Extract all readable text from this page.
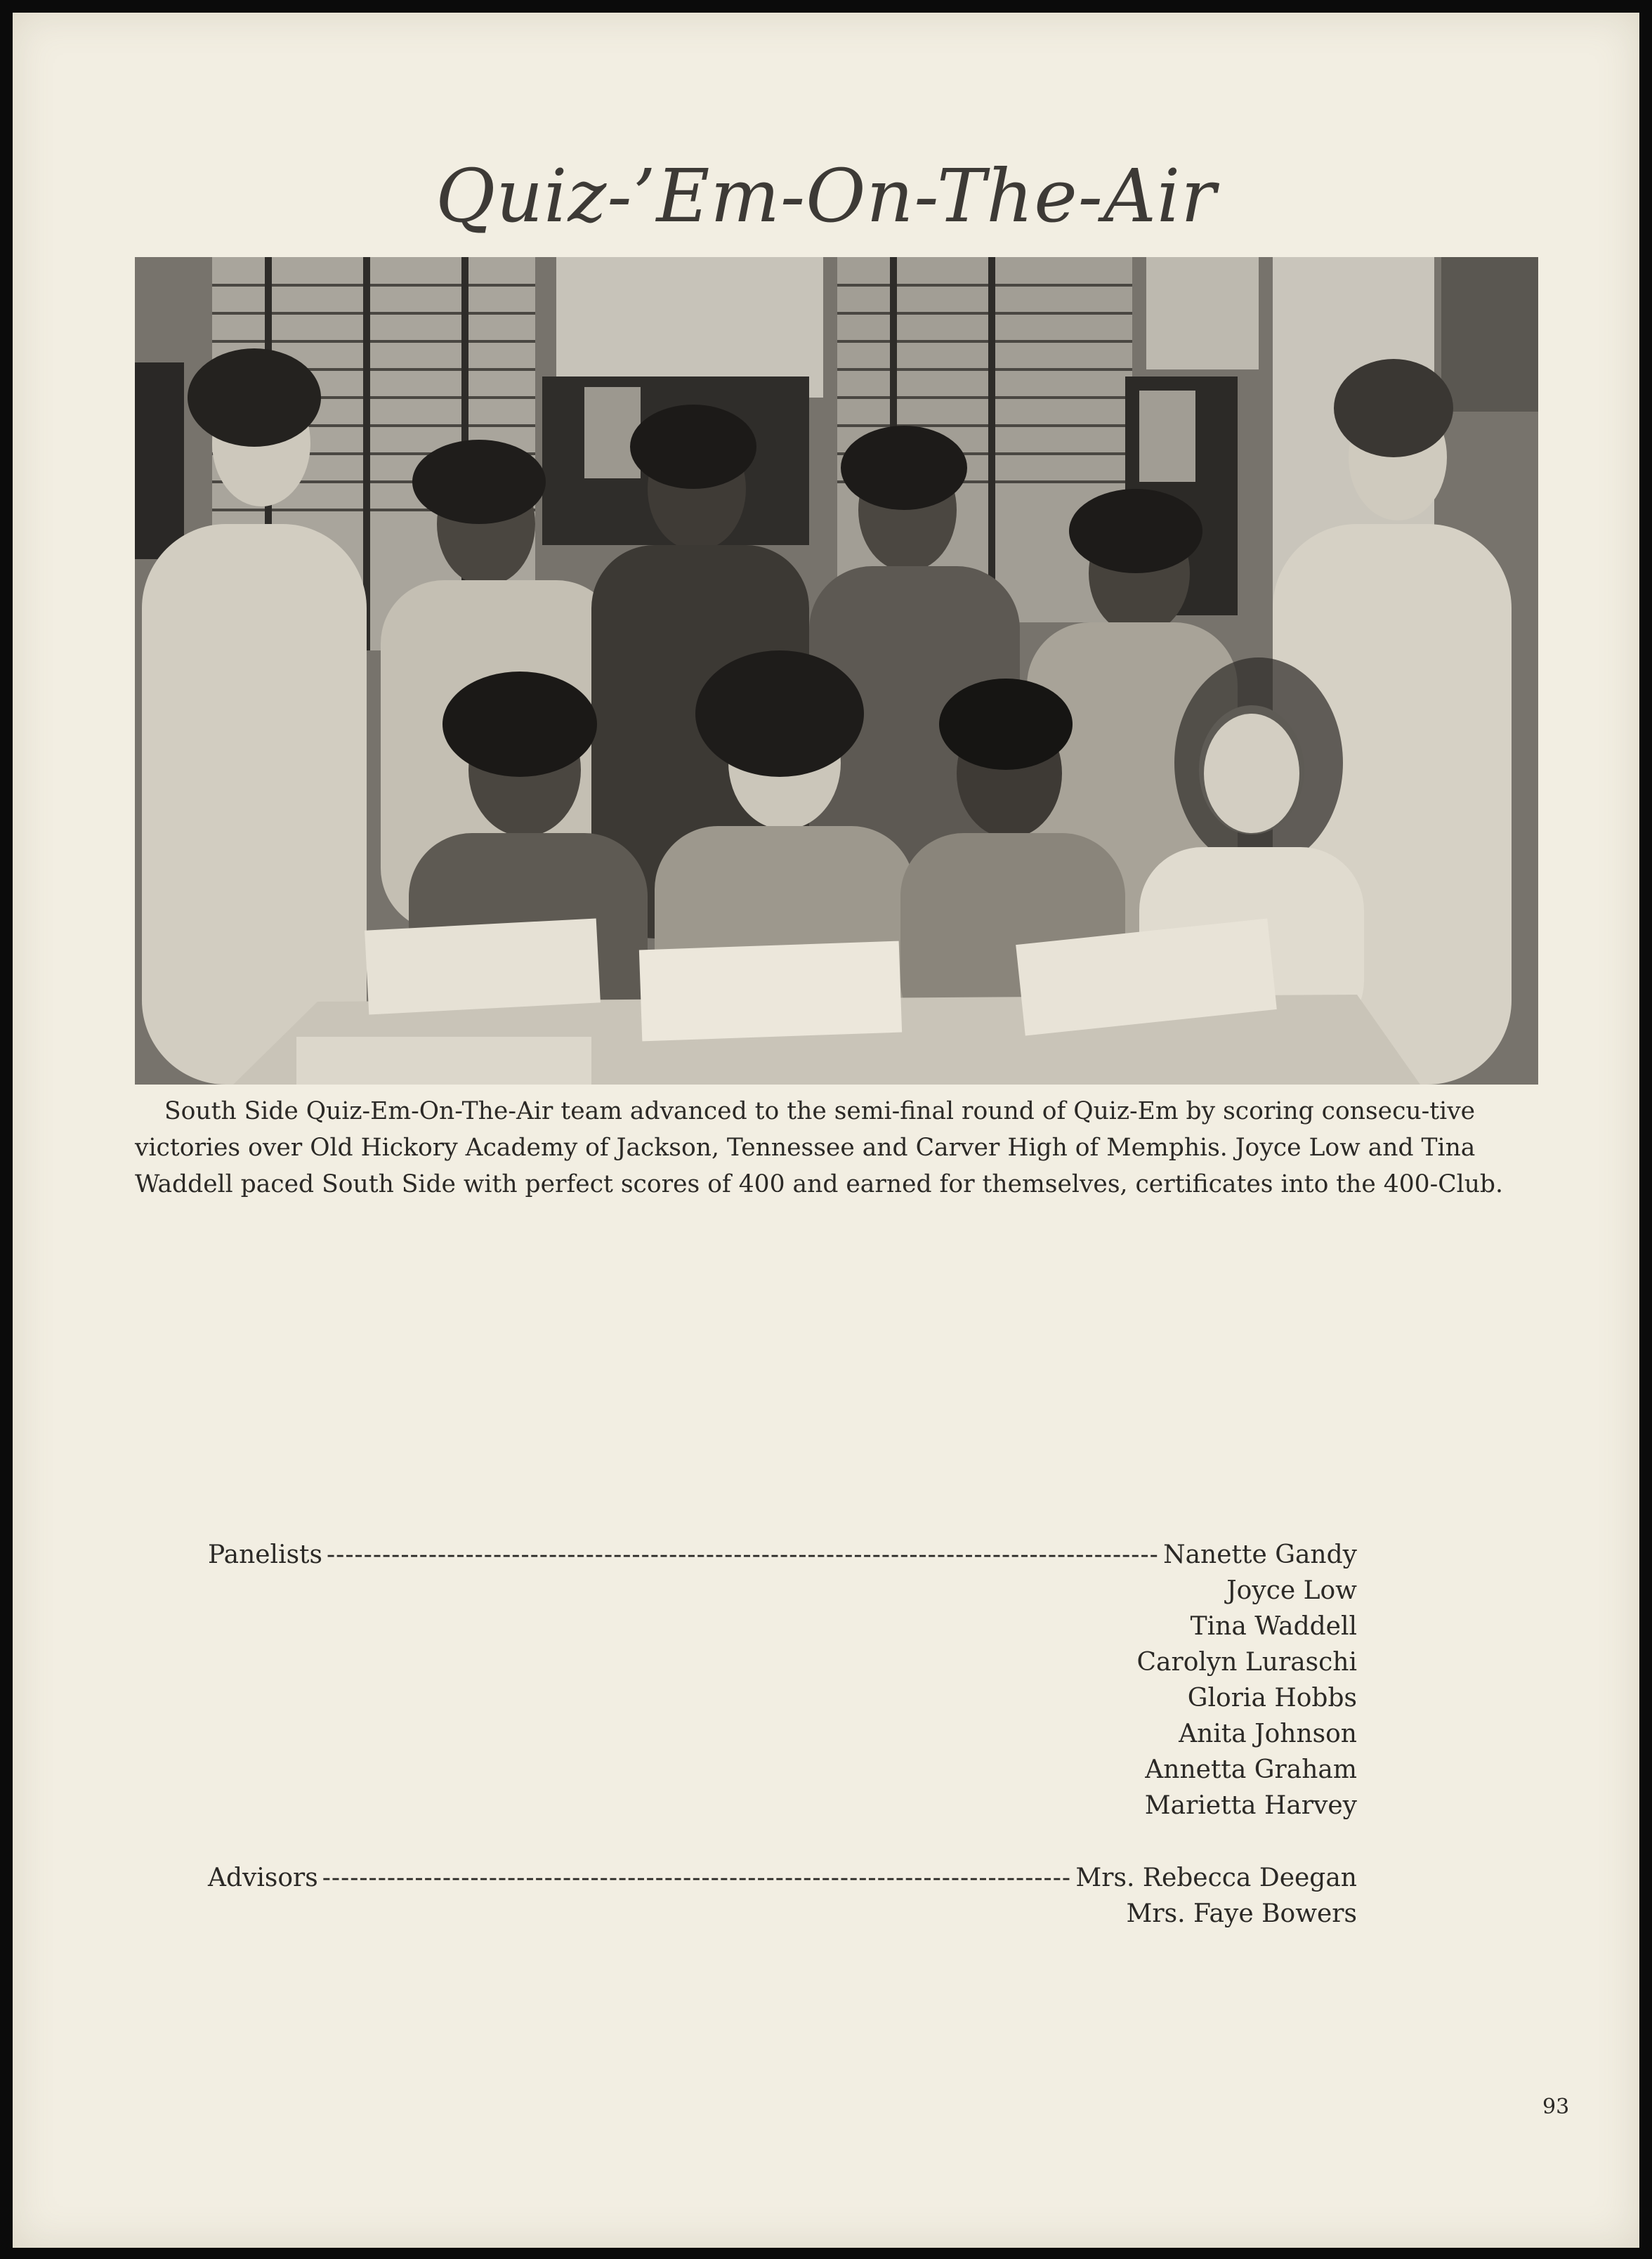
Quiz-’Em-On-The-Air
South Side Quiz-Em-On-The-Air team advanced to the semi-final round of Quiz-Em by scoring consecu-tive victories over Old Hickory Academy of Jackson, Tennessee and Carver High of Memphis. Joyce Low and Tina Waddell paced South Side with perfect scores of 400 and earned for themselves, certificates into the 400-Club.
Panelists -----	Nanette Gandy
Joyce Low
Tina Waddell
Carolyn Luraschi
Gloria Hobbs
Anita Johnson
Annetta Graham
Marietta Harvey
Advisors -----	Mrs. Rebecca Deegan
Mrs. Faye Bowers
93
